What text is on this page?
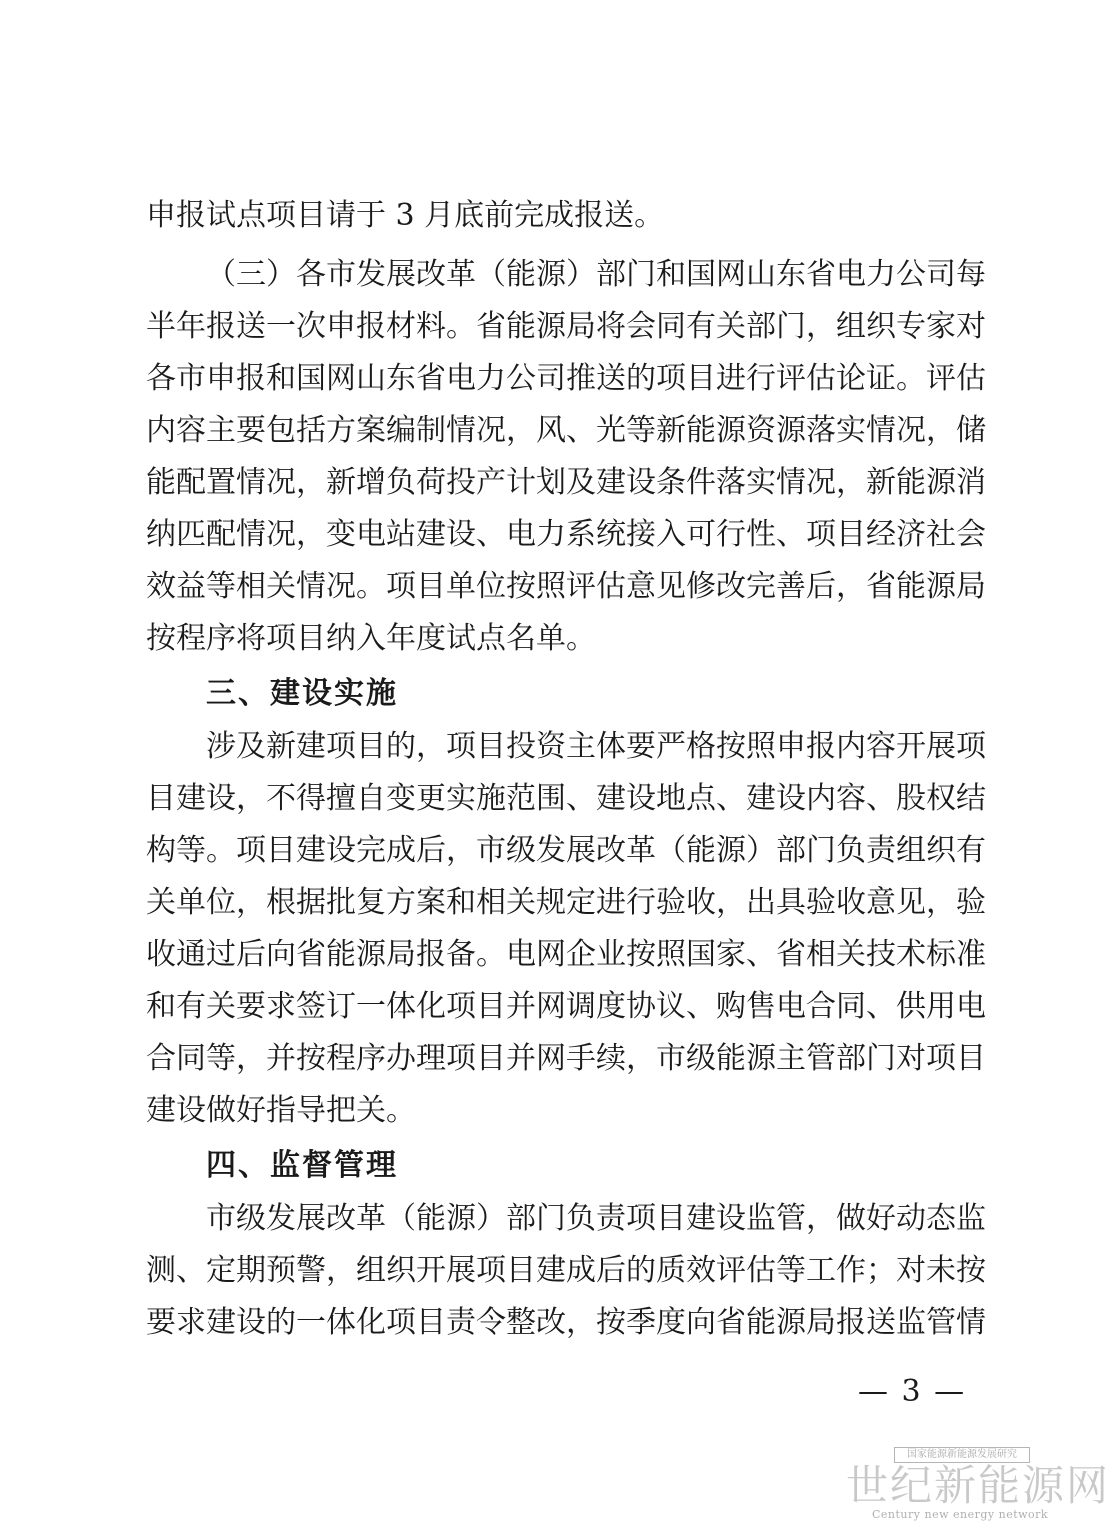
申报试点项目请于 3 月底前完成报送。
（三）各市发展改革（能源）部门和国网山东省电力公司每
半年报送一次申报材料。省能源局将会同有关部门，组织专家对
各市申报和国网山东省电力公司推送的项目进行评估论证。评估
内容主要包括方案编制情况，风、光等新能源资源落实情况，储
能配置情况，新增负荷投产计划及建设条件落实情况，新能源消
纳匹配情况，变电站建设、电力系统接入可行性、项目经济社会
效益等相关情况。项目单位按照评估意见修改完善后，省能源局
按程序将项目纳入年度试点名单。
三、建设实施
涉及新建项目的，项目投资主体要严格按照申报内容开展项
目建设，不得擅自变更实施范围、建设地点、建设内容、股权结
构等。项目建设完成后，市级发展改革（能源）部门负责组织有
关单位，根据批复方案和相关规定进行验收，出具验收意见，验
收通过后向省能源局报备。电网企业按照国家、省相关技术标准
和有关要求签订一体化项目并网调度协议、购售电合同、供用电
合同等，并按程序办理项目并网手续，市级能源主管部门对项目
建设做好指导把关。
四、监督管理
市级发展改革（能源）部门负责项目建设监管，做好动态监
测、定期预警，组织开展项目建成后的质效评估等工作；对未按
要求建设的一体化项目责令整改，按季度向省能源局报送监管情
— 3 —
国家能源新能源发展研究
世纪新能源网
Century new energy network
